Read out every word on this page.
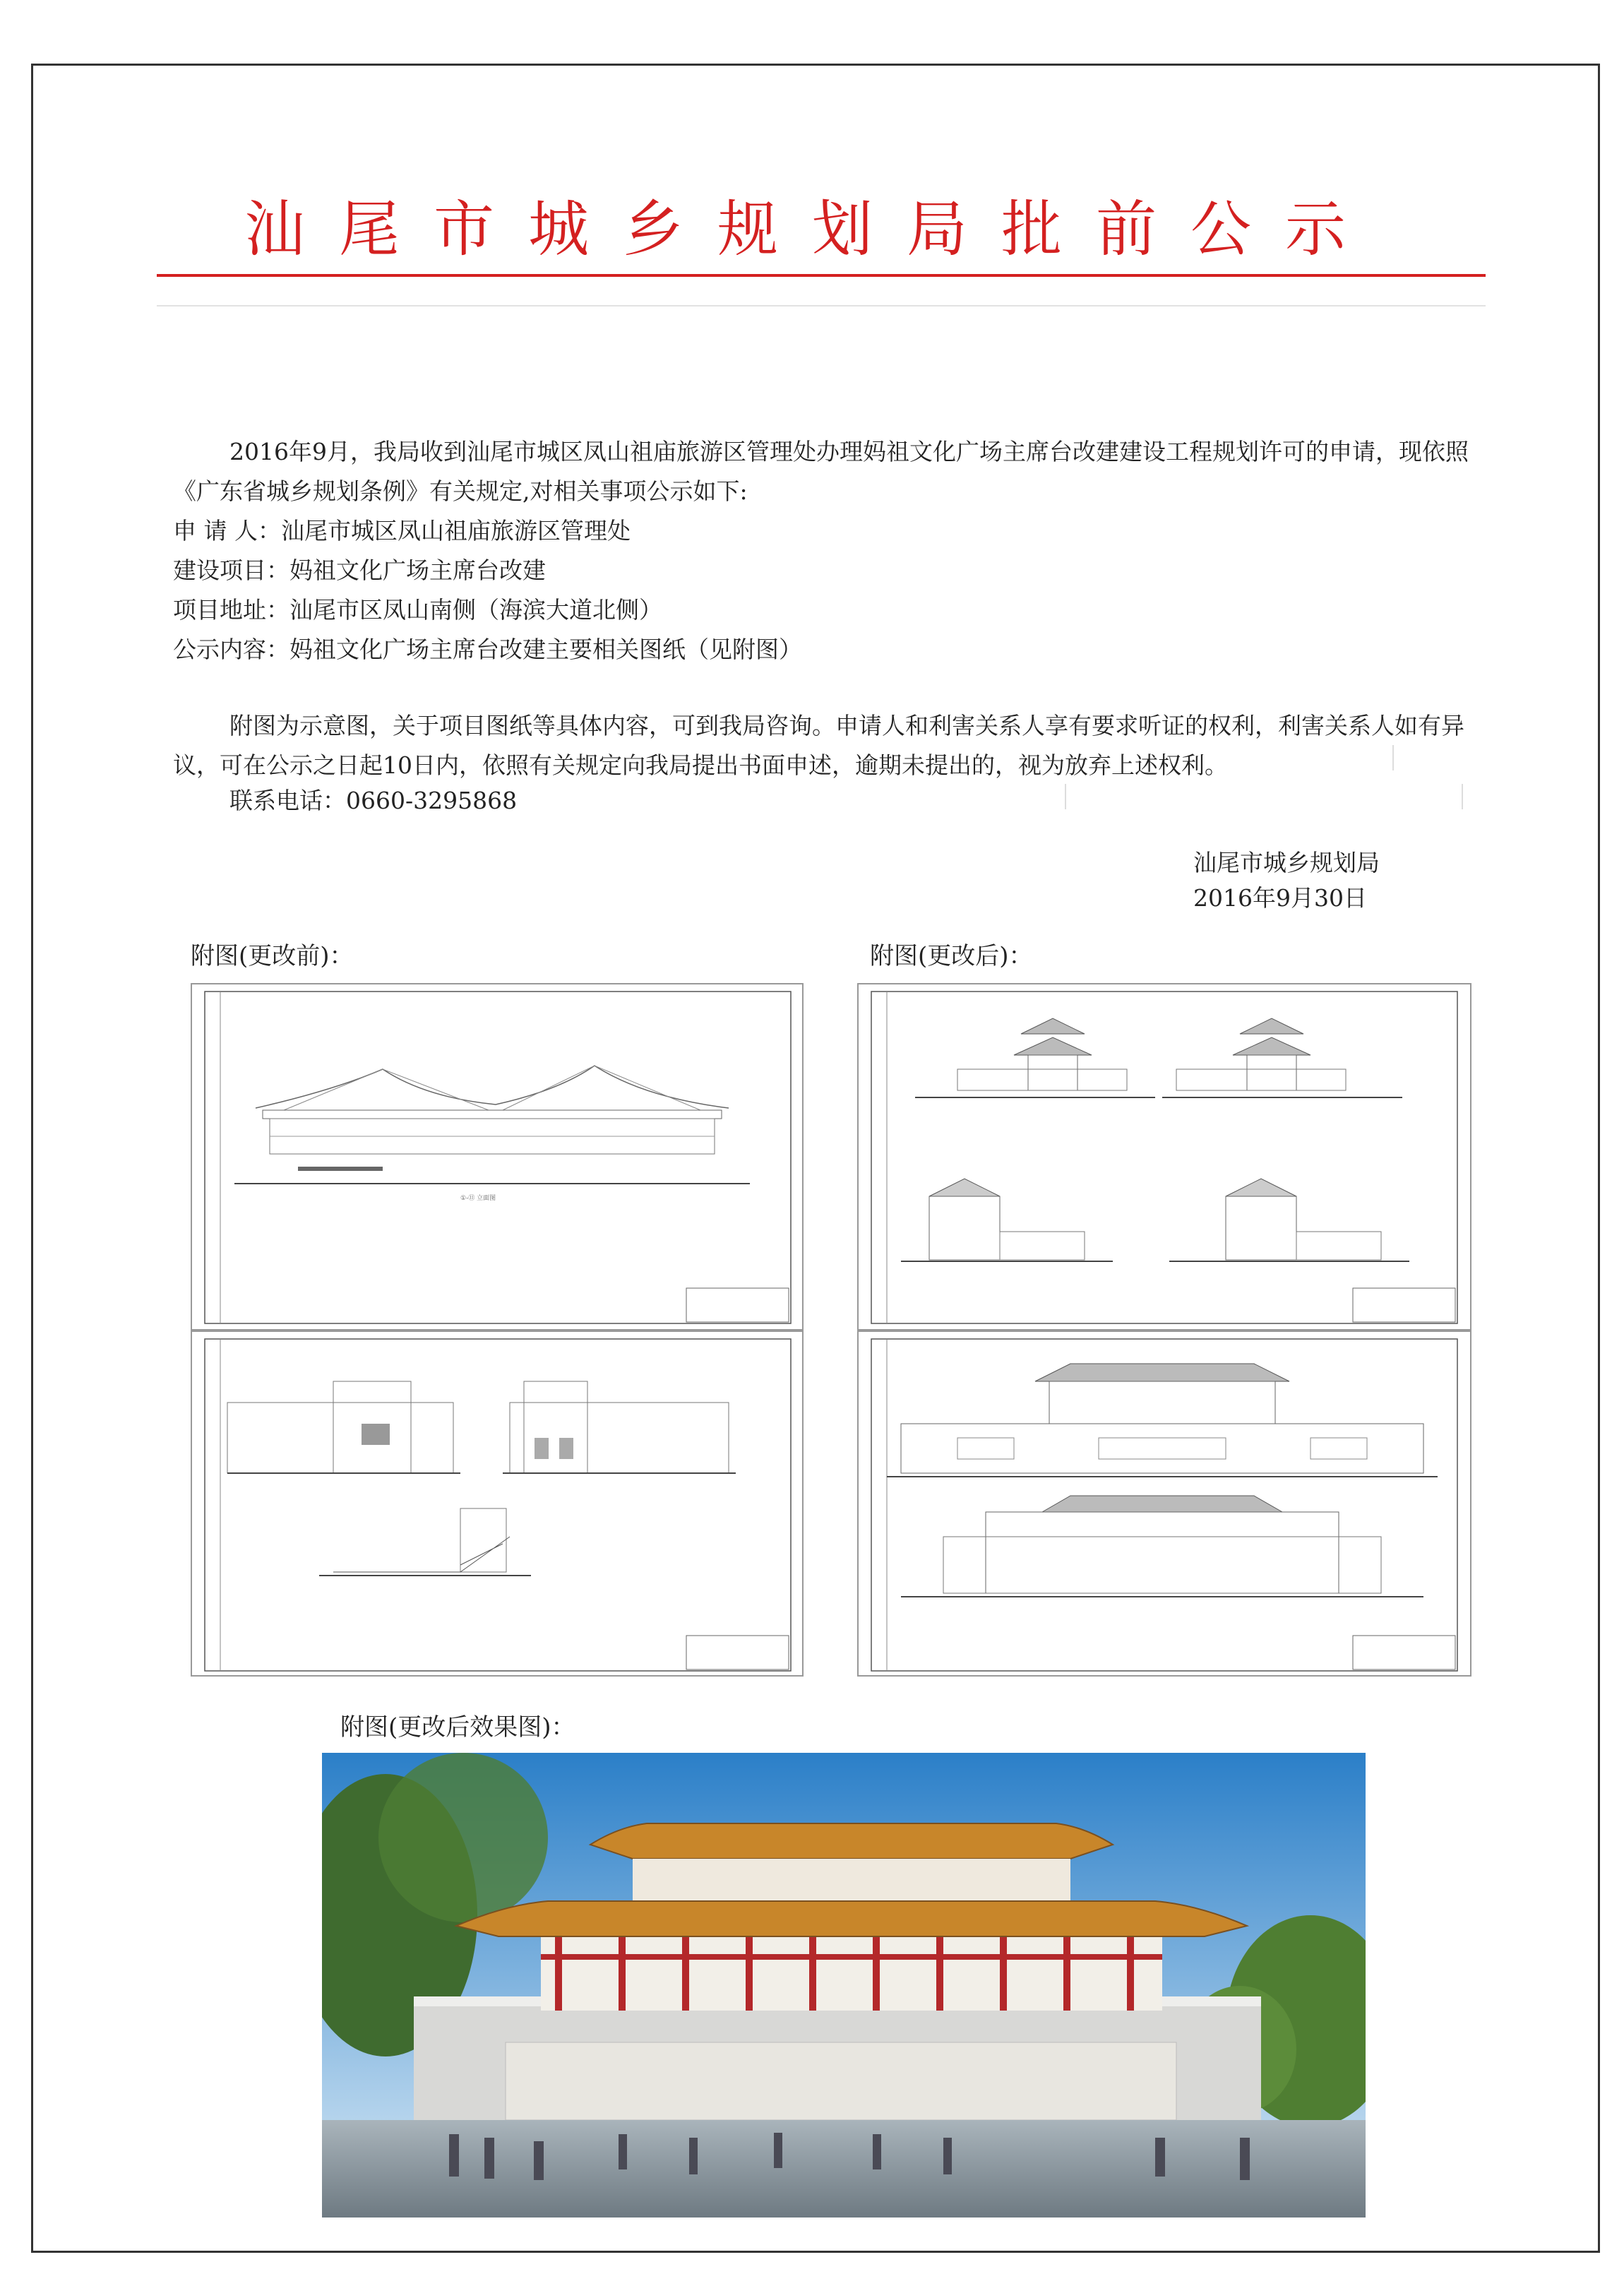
汕尾市城乡规划局批前公示
2016年9月，我局收到汕尾市城区凤山祖庙旅游区管理处办理妈祖文化广场主席台改建建设工程规划许可的申请，现依照《广东省城乡规划条例》有关规定,对相关事项公示如下:
申 请 人：汕尾市城区凤山祖庙旅游区管理处
建设项目：妈祖文化广场主席台改建
项目地址：汕尾市区凤山南侧（海滨大道北侧）
公示内容：妈祖文化广场主席台改建主要相关图纸（见附图）
附图为示意图，关于项目图纸等具体内容，可到我局咨询。申请人和利害关系人享有要求听证的权利，利害关系人如有异议，可在公示之日起10日内，依照有关规定向我局提出书面申述，逾期未提出的，视为放弃上述权利。
联系电话：0660-3295868
汕尾市城乡规划局
2016年9月30日
附图(更改前)：	附图(更改后)：
①-⑪ 立面图
附图(更改后效果图)：
